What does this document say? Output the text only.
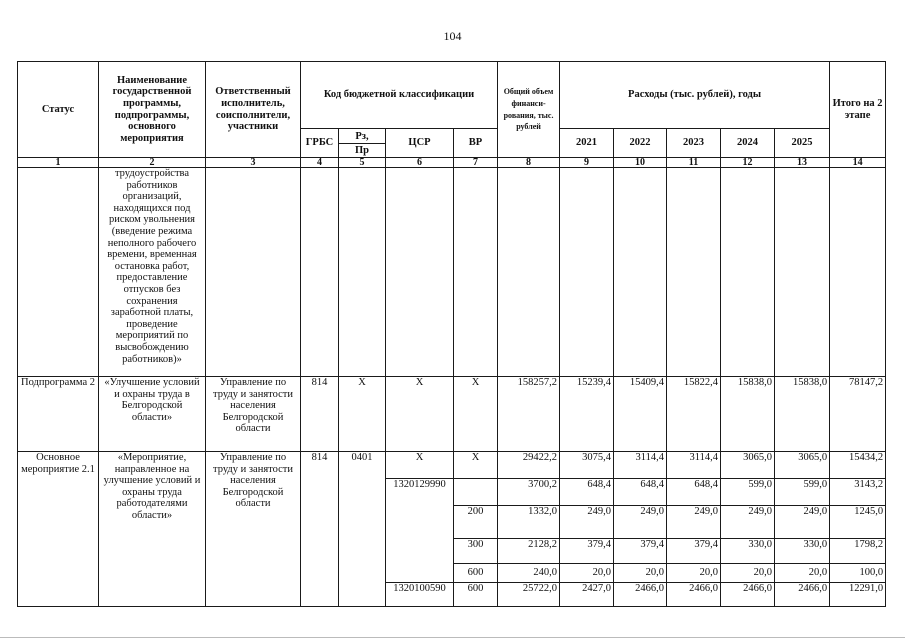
104
Статус	Наименование государственной программы, подпрограммы, основного мероприятия	Ответственный исполнитель, соисполнители, участники	Код бюджетной классификации				Общий объем финанси-рования, тыс. рублей	Расходы (тыс. рублей), годы					Итого на 2 этапе
			ГРБС	Рз,
Пр	ЦСР	ВР		2021	2022	2023	2024	2025	
1	2	3	4	5	6	7	8	9	10	11	12	13	14
	трудоустройства работников организаций, находящихся под риском увольнения (введение режима неполного рабочего времени, временная остановка работ, предоставление отпусков без сохранения заработной платы, проведение мероприятий по высвобождению работников)»												
Подпрограмма 2	«Улучшение условий и охраны труда в Белгородской области»	Управление по труду и занятости населения Белгородской области	814	Х	Х	Х	158257,2	15239,4	15409,4	15822,4	15838,0	15838,0	78147,2
Основное мероприятие 2.1	«Мероприятие, направленное на улучшение условий и охраны труда работодателями области»	Управление по труду и занятости населения Белгородской области	814	0401	Х	Х	29422,2	3075,4	3114,4	3114,4	3065,0	3065,0	15434,2
					1320129990		3700,2	648,4	648,4	648,4	599,0	599,0	3143,2
						200	1332,0	249,0	249,0	249,0	249,0	249,0	1245,0
						300	2128,2	379,4	379,4	379,4	330,0	330,0	1798,2
						600	240,0	20,0	20,0	20,0	20,0	20,0	100,0
					1320100590	600	25722,0	2427,0	2466,0	2466,0	2466,0	2466,0	12291,0
